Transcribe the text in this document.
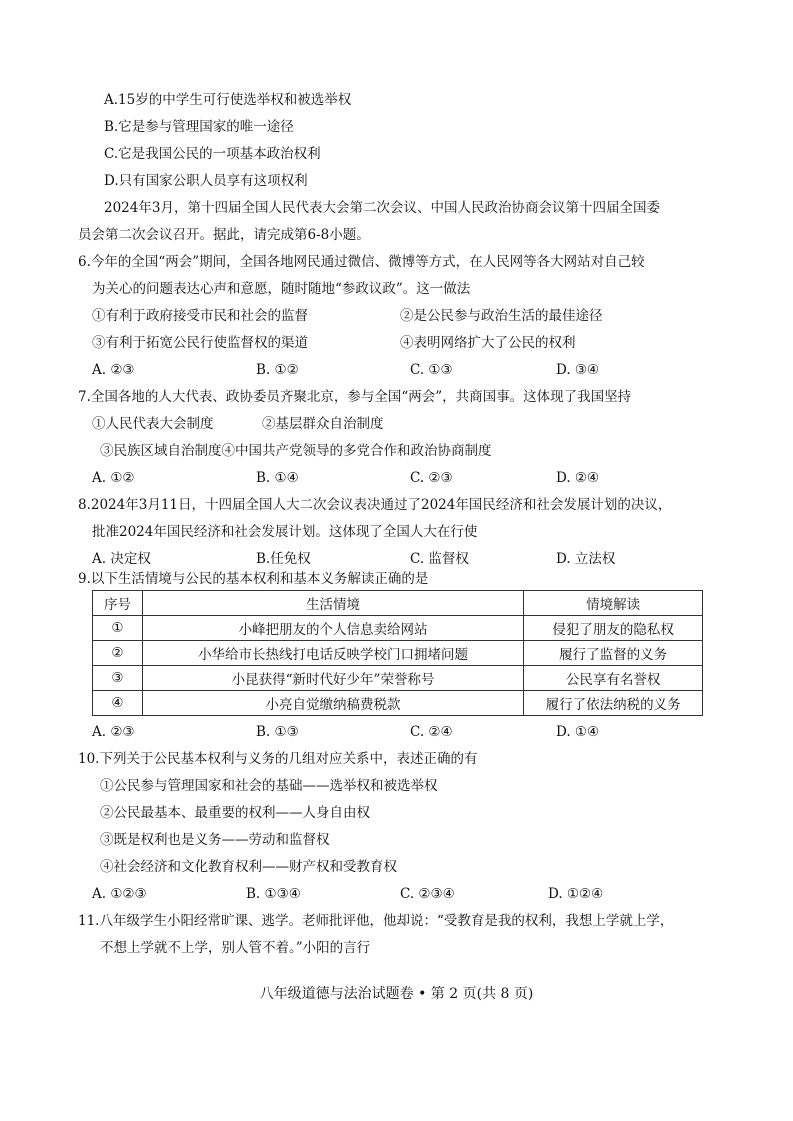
A.15岁的中学生可行使选举权和被选举权
B.它是参与管理国家的唯一途径
C.它是我国公民的一项基本政治权利
D.只有国家公职人员享有这项权利
2024年3月，第十四届全国人民代表大会第二次会议、中国人民政治协商会议第十四届全国委
员会第二次会议召开。据此，请完成第6-8小题。
6.今年的全国“两会”期间，全国各地网民通过微信、微博等方式，在人民网等各大网站对自己较
为关心的问题表达心声和意愿，随时随地“参政议政”。这一做法
①有利于政府接受市民和社会的监督	②是公民参与政治生活的最佳途径
③有利于拓宽公民行使监督权的渠道	④表明网络扩大了公民的权利
A. ②③	B. ①②	C. ①③	D. ③④
7.全国各地的人大代表、政协委员齐聚北京，参与全国“两会”，共商国事。这体现了我国坚持
①人民代表大会制度	②基层群众自治制度
③民族区域自治制度④中国共产党领导的多党合作和政治协商制度
A. ①②	B. ①④	C. ②③	D. ②④
8.2024年3月11日，十四届全国人大二次会议表决通过了2024年国民经济和社会发展计划的决议，
批准2024年国民经济和社会发展计划。这体现了全国人大在行使
A. 决定权	B.任免权	C. 监督权	D. 立法权
9.以下生活情境与公民的基本权利和基本义务解读正确的是
序号	生活情境	情境解读
①	小峰把朋友的个人信息卖给网站	侵犯了朋友的隐私权
②	小华给市长热线打电话反映学校门口拥堵问题	履行了监督的义务
③	小昆获得“新时代好少年”荣誉称号	公民享有名誉权
④	小亮自觉缴纳稿费税款	履行了依法纳税的义务
A. ②③	B. ①③	C. ②④	D. ①④
10.下列关于公民基本权利与义务的几组对应关系中，表述正确的有
①公民参与管理国家和社会的基础——选举权和被选举权
②公民最基本、最重要的权利——人身自由权
③既是权利也是义务——劳动和监督权
④社会经济和文化教育权利——财产权和受教育权
A. ①②③	B. ①③④	C. ②③④	D. ①②④
11.八年级学生小阳经常旷课、逃学。老师批评他，他却说：“受教育是我的权利，我想上学就上学，
不想上学就不上学，别人管不着。”小阳的言行
八年级道德与法治试题卷 • 第 2 页(共 8 页)
